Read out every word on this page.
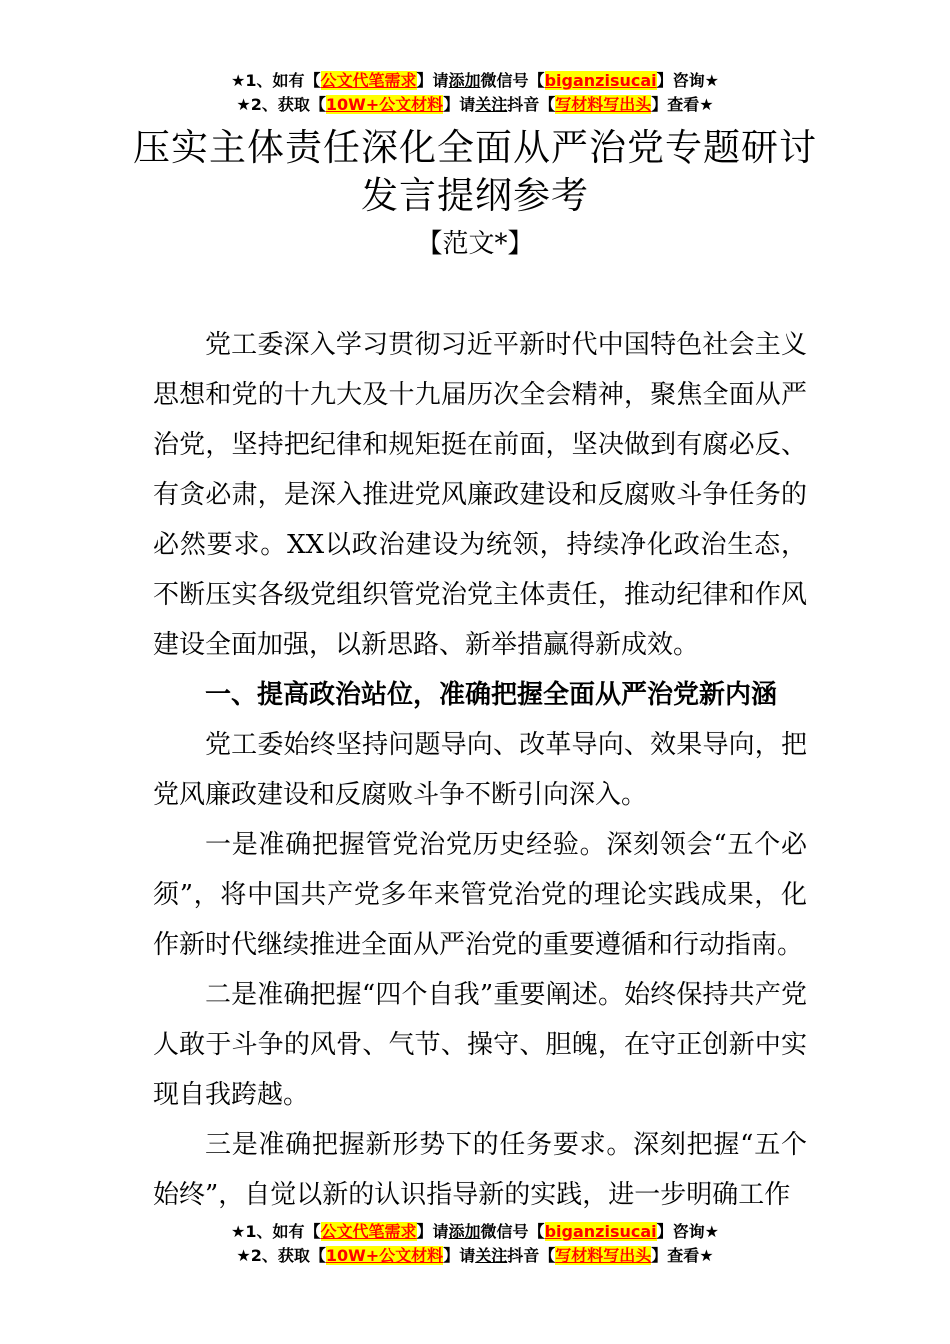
★1、如有【公文代笔需求】请添加微信号【biganzisucai】咨询★
★2、获取【10W+公文材料】请关注抖音【写材料写出头】查看★
压实主体责任深化全面从严治党专题研讨
发言提纲参考
【范文*】

党工委深入学习贯彻习近平新时代中国特色社会主义思想和党的十九大及十九届历次全会精神，聚焦全面从严治党，坚持把纪律和规矩挺在前面，坚决做到有腐必反、有贪必肃，是深入推进党风廉政建设和反腐败斗争任务的必然要求。XX以政治建设为统领，持续净化政治生态，不断压实各级党组织管党治党主体责任，推动纪律和作风建设全面加强，以新思路、新举措赢得新成效。

一、提高政治站位，准确把握全面从严治党新内涵

党工委始终坚持问题导向、改革导向、效果导向，把党风廉政建设和反腐败斗争不断引向深入。

一是准确把握管党治党历史经验。深刻领会“五个必须”，将中国共产党多年来管党治党的理论实践成果，化作新时代继续推进全面从严治党的重要遵循和行动指南。

二是准确把握“四个自我”重要阐述。始终保持共产党人敢于斗争的风骨、气节、操守、胆魄，在守正创新中实现自我跨越。

三是准确把握新形势下的任务要求。深刻把握“五个始终”，自觉以新的认识指导新的实践，进一步明确工作

★1、如有【公文代笔需求】请添加微信号【biganzisucai】咨询★
★2、获取【10W+公文材料】请关注抖音【写材料写出头】查看★
